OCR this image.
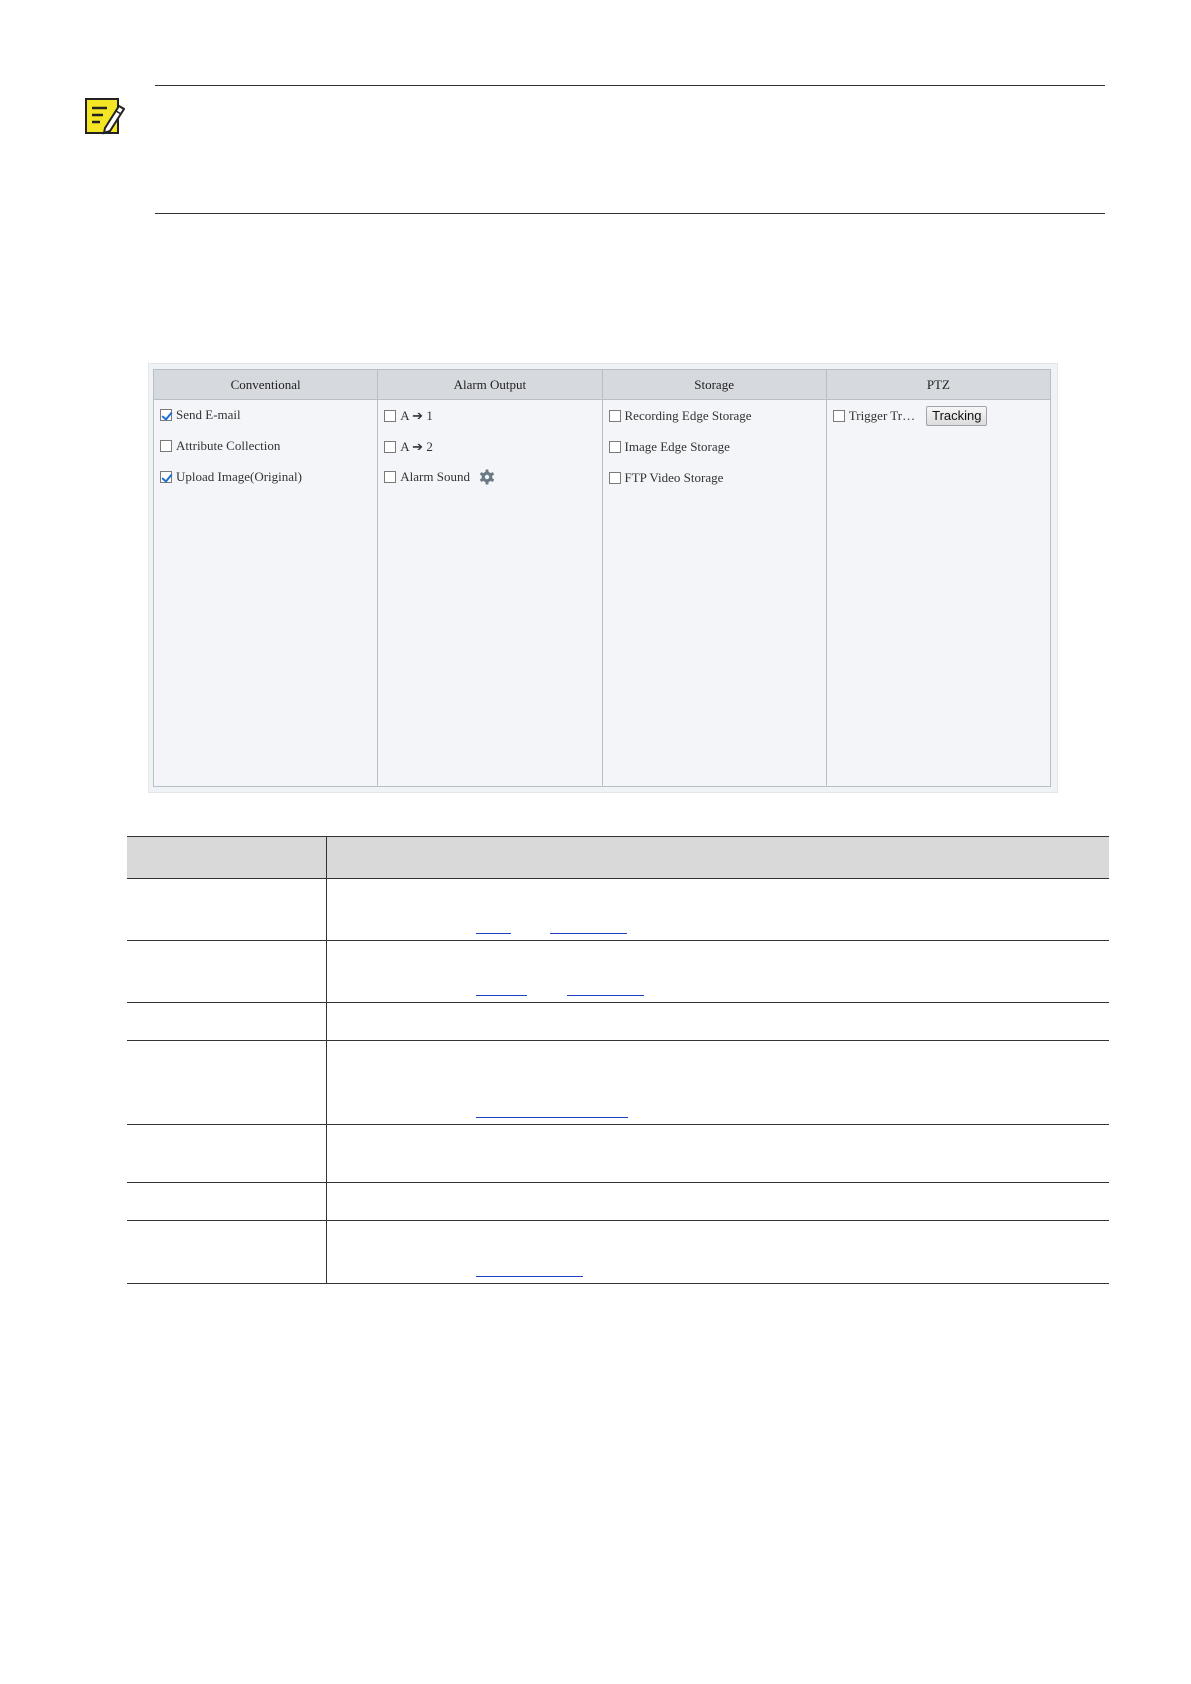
Conventional
Send E-mail
Attribute Collection
Upload Image(Original)
Alarm Output
A ➔ 1
A ➔ 2
Alarm Sound
Storage
Recording Edge Storage
Image Edge Storage
FTP Video Storage
PTZ
Trigger Tr…	Tracking
